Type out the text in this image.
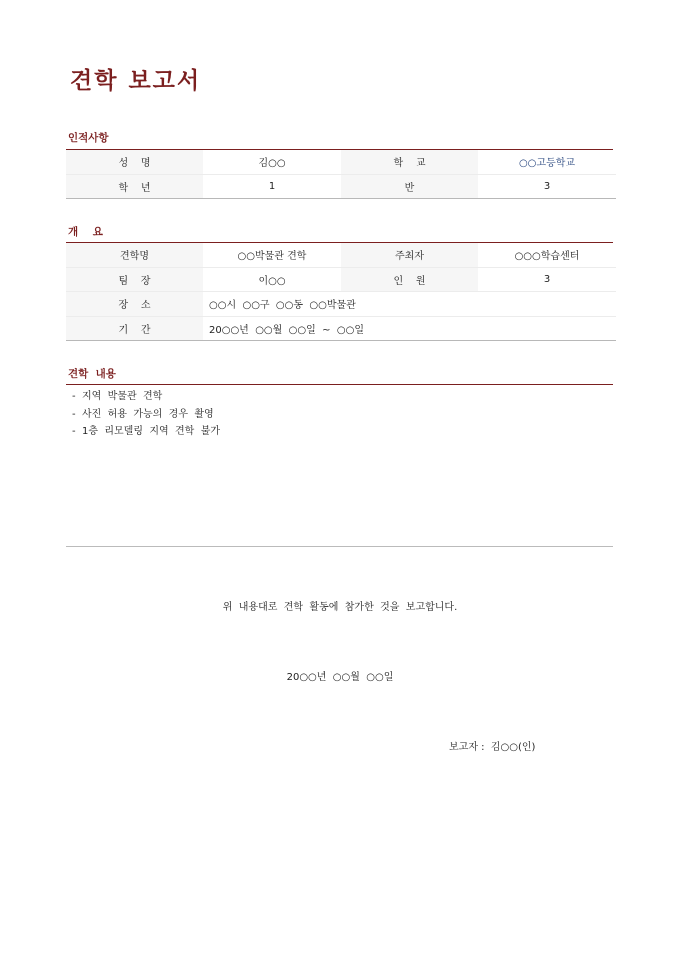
견학 보고서
인적사항
성    명	김○○	학    교	○○고등학교
학    년	1	반	3
개    요
견학명	○○박물관 견학	주최자	○○○학습센터
팀    장	이○○	인    원	3
장    소	○○시  ○○구  ○○동  ○○박물관		
기    간	20○○년  ○○월  ○○일  ~  ○○일		
견학  내용
-  지역  박물관  견학
-  사진  허용  가능의  경우  촬영
-  1층  리모델링  지역  견학  불가
위  내용대로  견학  활동에  참가한  것을  보고합니다.
20○○년  ○○월  ○○일
보고자 :  김○○(인)
